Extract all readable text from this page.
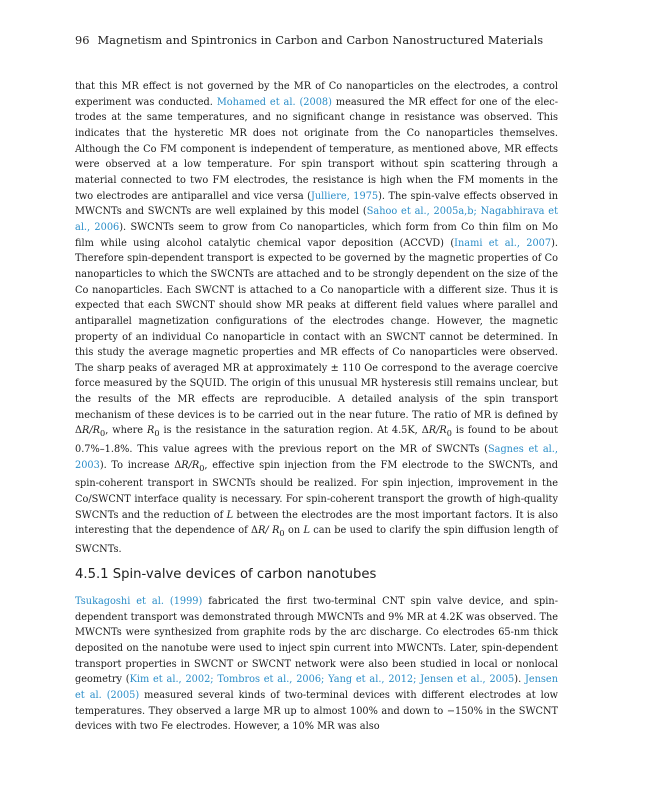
96 Magnetism and Spintronics in Carbon and Carbon Nanostructured Materials
that this MR effect is not governed by the MR of Co nanoparticles on the electrodes, a control experiment was conducted. Mohamed et al. (2008) measured the MR effect for one of the electrodes at the same temperatures, and no significant change in resistance was observed. This indicates that the hysteretic MR does not originate from the Co nanoparticles themselves. Although the Co FM component is independent of temperature, as mentioned above, MR effects were observed at a low temperature. For spin transport without spin scattering through a material connected to two FM electrodes, the resistance is high when the FM moments in the two electrodes are antiparallel and vice versa (Julliere, 1975). The spin-valve effects observed in MWCNTs and SWCNTs are well explained by this model (Sahoo et al., 2005a,b; Nagabhirava et al., 2006). SWCNTs seem to grow from Co nanoparticles, which form from Co thin film on Mo film while using alcohol catalytic chemical vapor deposition (ACCVD) (Inami et al., 2007). Therefore spin-dependent transport is expected to be governed by the magnetic properties of Co nanoparticles to which the SWCNTs are attached and to be strongly dependent on the size of the Co nanoparticles. Each SWCNT is attached to a Co nanoparticle with a different size. Thus it is expected that each SWCNT should show MR peaks at different field values where parallel and antiparallel magnetization configurations of the electrodes change. However, the magnetic property of an individual Co nanoparticle in contact with an SWCNT cannot be determined. In this study the average magnetic properties and MR effects of Co nanoparticles were observed. The sharp peaks of averaged MR at approximately ± 110 Oe correspond to the average coercive force measured by the SQUID. The origin of this unusual MR hysteresis still remains unclear, but the results of the MR effects are reproducible. A detailed analysis of the spin transport mechanism of these devices is to be carried out in the near future. The ratio of MR is defined by $\Delta R/R_0$, where $R_0$ is the resistance in the saturation region. At 4.5K, $\Delta R/R_0$ is found to be about 0.7%–1.8%. This value agrees with the previous report on the MR of SWCNTs (Sagnes et al., 2003). To increase $\Delta R/R_0$, effective spin injection from the FM electrode to the SWCNTs, and spin-coherent transport in SWCNTs should be realized. For spin injection, improvement in the Co/SWCNT interface quality is necessary. For spin-coherent transport the growth of high-quality SWCNTs and the reduction of L between the electrodes are the most important factors. It is also interesting that the dependence of ΔR/ $R_0$ on L can be used to clarify the spin diffusion length of SWCNTs.
4.5.1 Spin-valve devices of carbon nanotubes
Tsukagoshi et al. (1999) fabricated the first two-terminal CNT spin valve device, and spin-dependent transport was demonstrated through MWCNTs and 9% MR at 4.2K was observed. The MWCNTs were synthesized from graphite rods by the arc discharge. Co electrodes 65-nm thick deposited on the nanotube were used to inject spin current into MWCNTs. Later, spin-dependent transport properties in SWCNT or SWCNT network were also been studied in local or nonlocal geometry (Kim et al., 2002; Tombros et al., 2006; Yang et al., 2012; Jensen et al., 2005). Jensen et al. (2005) measured several kinds of two-terminal devices with different electrodes at low temperatures. They observed a large MR up to almost 100% and down to −150% in the SWCNT devices with two Fe electrodes. However, a 10% MR was also
